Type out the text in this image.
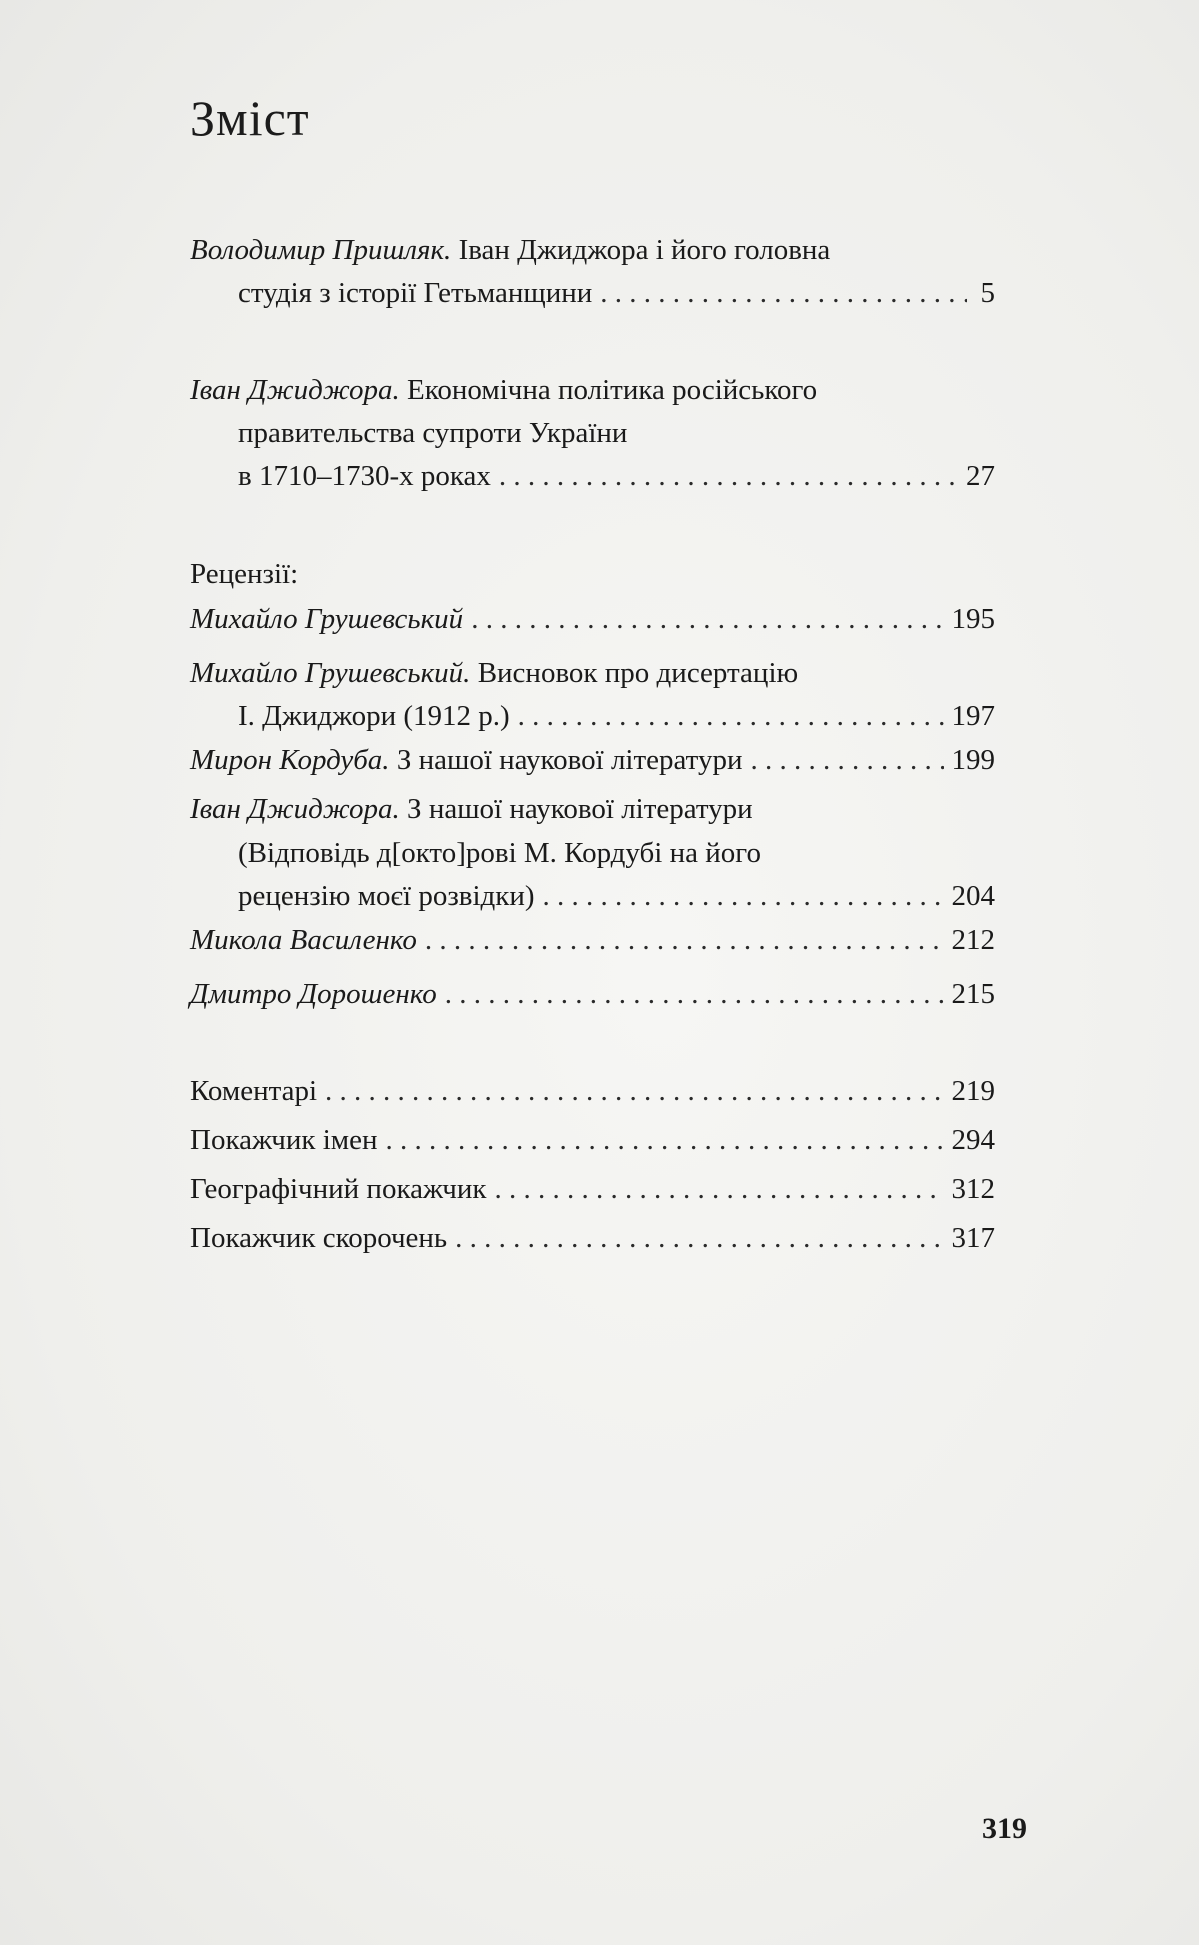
Зміст
Володимир Пришляк. Іван Джиджора і його головна
студія з історії Гетьманщини . . .	5
Іван Джиджора. Економічна політика російського
правительства супроти України
в 1710–1730-х роках . . .	27
Рецензії:
Михайло Грушевський . . .	195
Михайло Грушевський. Висновок про дисертацію
І. Джиджори (1912 р.) . . .	197
Мирон Кордуба. З нашої наукової літератури . . .	199
Іван Джиджора. З нашої наукової літератури
(Відповідь д[окто]рові М. Кордубі на його
рецензію моєї розвідки) . . .	204
Микола Василенко . . .	212
Дмитро Дорошенко . . .	215
Коментарі . . .	219
Покажчик імен . . .	294
Географічний покажчик . . .	312
Покажчик скорочень . . .	317
319
